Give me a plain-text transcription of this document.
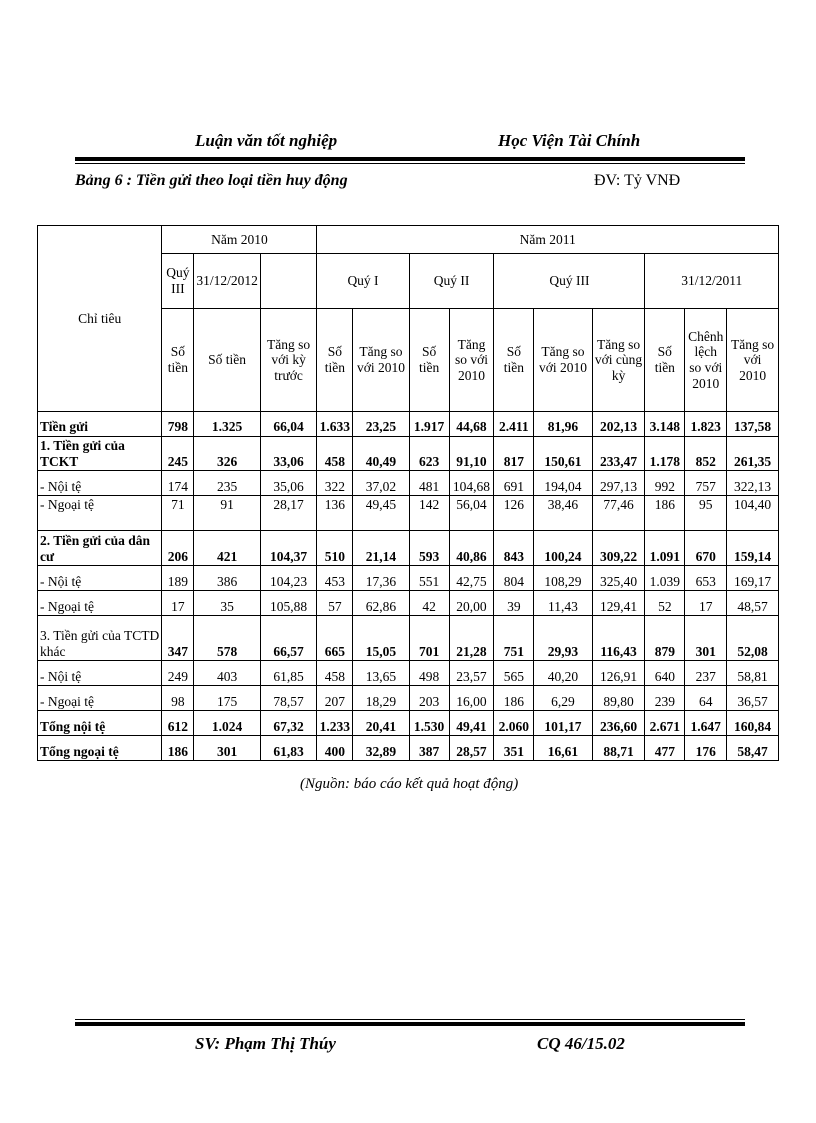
Luận văn tốt nghiệp	Học Viện Tài Chính
Bảng 6 : Tiền gửi theo loại tiền huy động	ĐV: Tỷ VNĐ
Chỉ tiêu	Năm 2010			Năm 2011									
	Quý III	31/12/2012		Quý I		Quý II		Quý III			31/12/2011		
	Số tiền	Số tiền	Tăng so với kỳ trước	Số tiền	Tăng so với 2010	Số tiền	Tăng so với 2010	Số tiền	Tăng so với 2010	Tăng so với cùng kỳ	Số tiền	Chênh lệch so với 2010	Tăng so với 2010
Tiền gửi	798	1.325	66,04	1.633	23,25	1.917	44,68	2.411	81,96	202,13	3.148	1.823	137,58
1. Tiền gửi của TCKT	245	326	33,06	458	40,49	623	91,10	817	150,61	233,47	1.178	852	261,35
- Nội tệ	174	235	35,06	322	37,02	481	104,68	691	194,04	297,13	992	757	322,13
- Ngoại tệ	71	91	28,17	136	49,45	142	56,04	126	38,46	77,46	186	95	104,40
2. Tiền gửi của dân cư	206	421	104,37	510	21,14	593	40,86	843	100,24	309,22	1.091	670	159,14
- Nội tệ	189	386	104,23	453	17,36	551	42,75	804	108,29	325,40	1.039	653	169,17
- Ngoại tệ	17	35	105,88	57	62,86	42	20,00	39	11,43	129,41	52	17	48,57
3. Tiền gửi của TCTD khác	347	578	66,57	665	15,05	701	21,28	751	29,93	116,43	879	301	52,08
- Nội tệ	249	403	61,85	458	13,65	498	23,57	565	40,20	126,91	640	237	58,81
- Ngoại tệ	98	175	78,57	207	18,29	203	16,00	186	6,29	89,80	239	64	36,57
Tổng nội tệ	612	1.024	67,32	1.233	20,41	1.530	49,41	2.060	101,17	236,60	2.671	1.647	160,84
Tổng ngoại tệ	186	301	61,83	400	32,89	387	28,57	351	16,61	88,71	477	176	58,47
(Nguồn: báo cáo kết quả hoạt động)
SV: Phạm Thị Thúy	CQ 46/15.02
